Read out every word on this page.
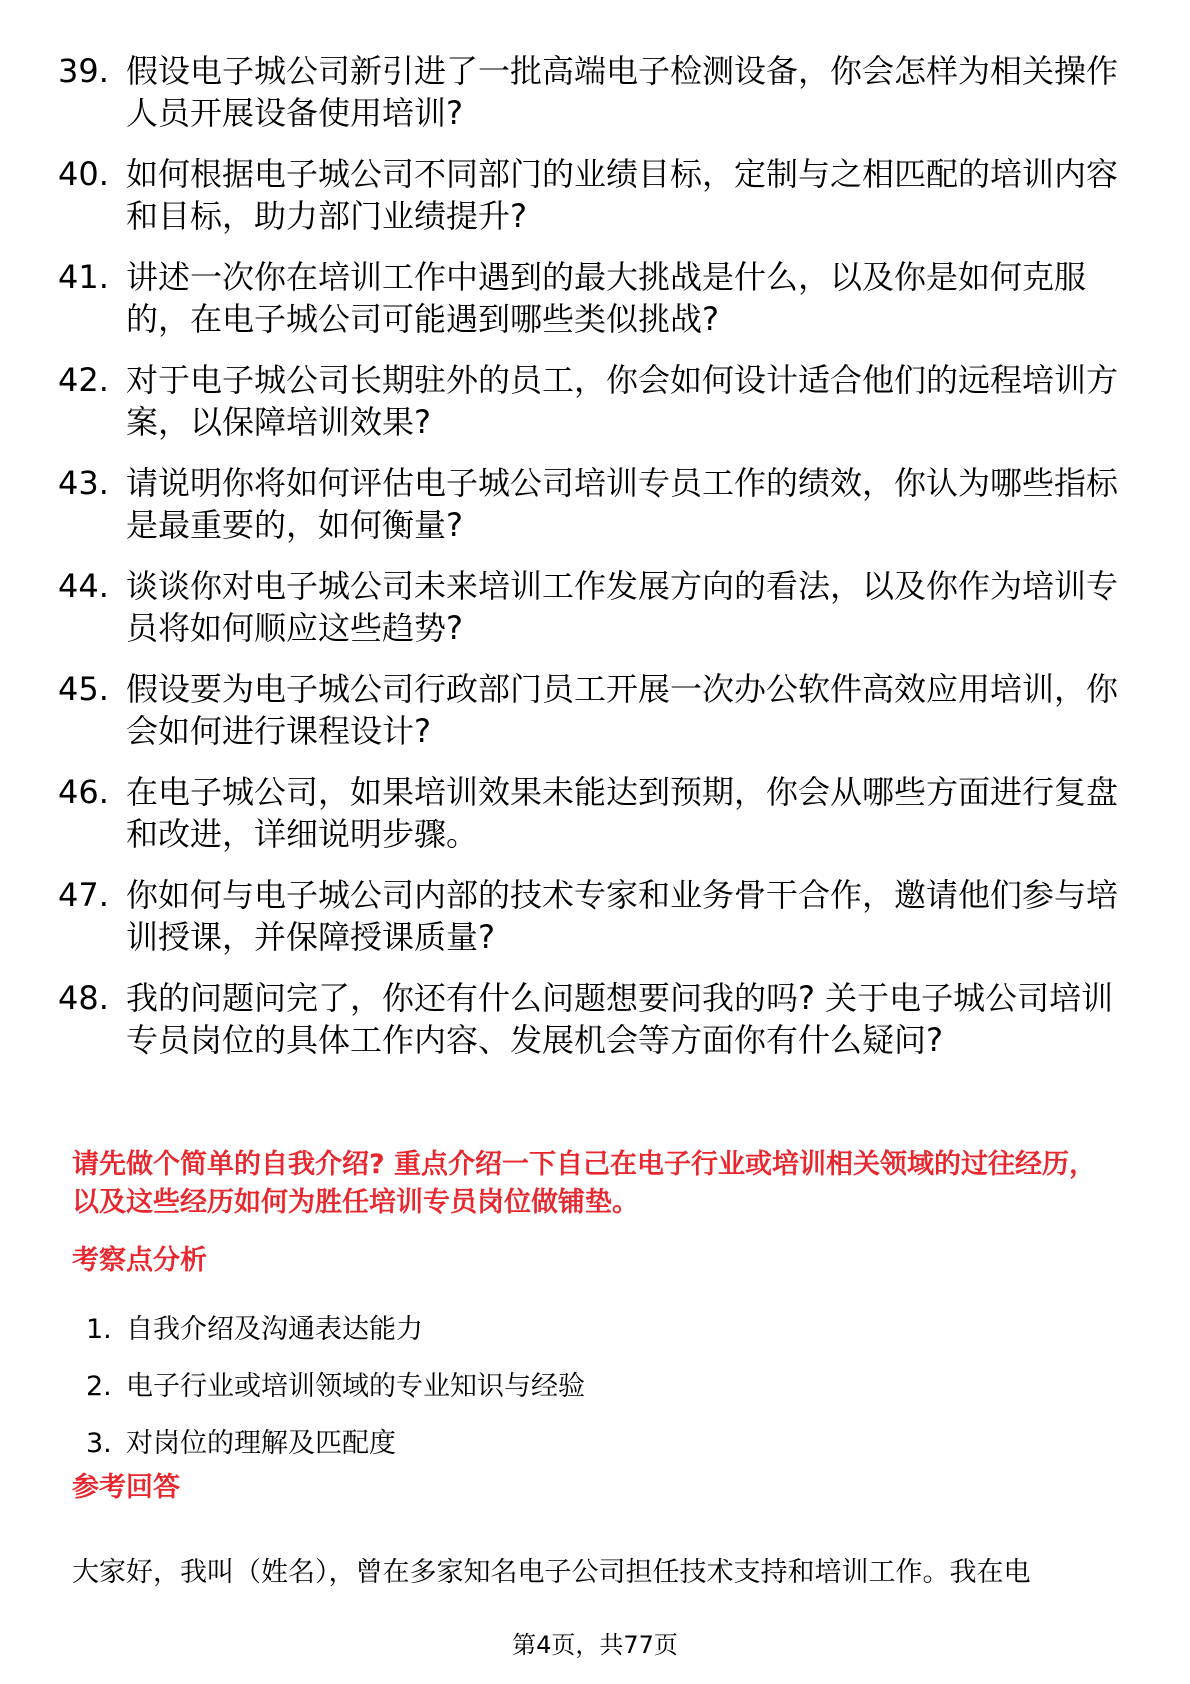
39. 假设电子城公司新引进了一批高端电子检测设备，你会怎样为相关操作人员开展设备使用培训?
40. 如何根据电子城公司不同部门的业绩目标，定制与之相匹配的培训内容和目标，助力部门业绩提升?
41. 讲述一次你在培训工作中遇到的最大挑战是什么，以及你是如何克服的，在电子城公司可能遇到哪些类似挑战?
42. 对于电子城公司长期驻外的员工，你会如何设计适合他们的远程培训方案，以保障培训效果?
43. 请说明你将如何评估电子城公司培训专员工作的绩效，你认为哪些指标是最重要的，如何衡量?
44. 谈谈你对电子城公司未来培训工作发展方向的看法，以及你作为培训专员将如何顺应这些趋势?
45. 假设要为电子城公司行政部门员工开展一次办公软件高效应用培训，你会如何进行课程设计?
46. 在电子城公司，如果培训效果未能达到预期，你会从哪些方面进行复盘和改进，详细说明步骤。
47. 你如何与电子城公司内部的技术专家和业务骨干合作，邀请他们参与培训授课，并保障授课质量?
48. 我的问题问完了，你还有什么问题想要问我的吗? 关于电子城公司培训专员岗位的具体工作内容、发展机会等方面你有什么疑问?
请先做个简单的自我介绍? 重点介绍一下自己在电子行业或培训相关领域的过往经历，以及这些经历如何为胜任培训专员岗位做铺垫。
考察点分析
1. 自我介绍及沟通表达能力
2. 电子行业或培训领域的专业知识与经验
3. 对岗位的理解及匹配度
参考回答
大家好，我叫（姓名），曾在多家知名电子公司担任技术支持和培训工作。我在电
第4页，共77页
